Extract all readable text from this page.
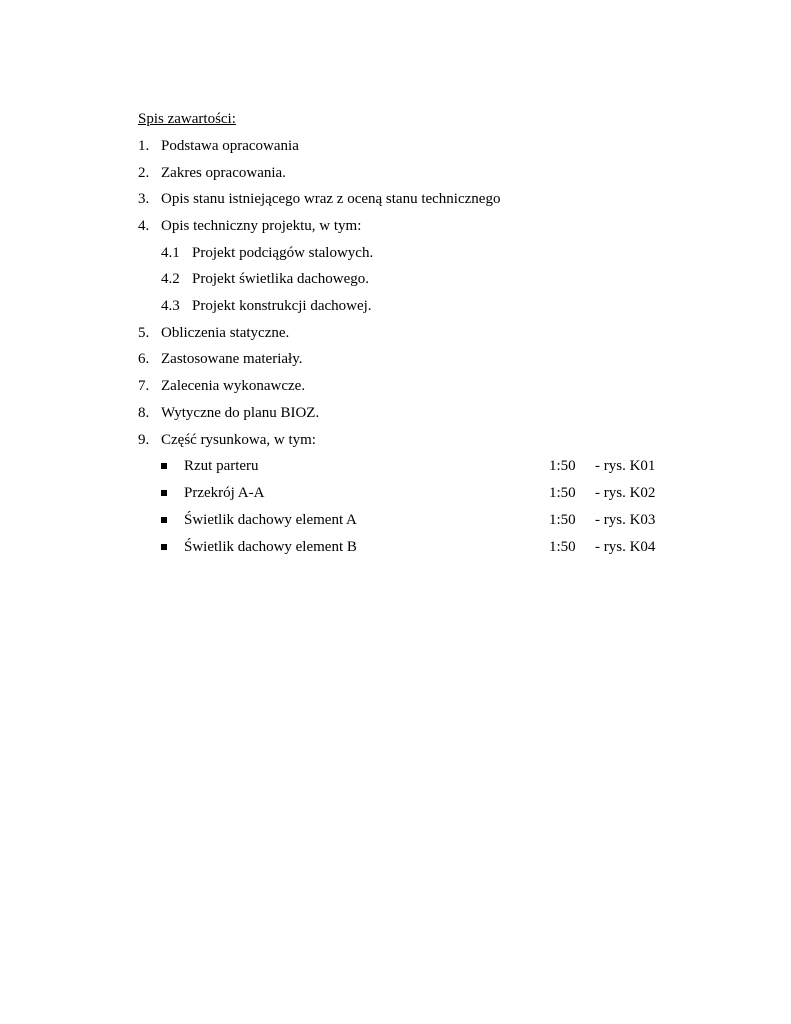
Spis zawartości:
1. Podstawa opracowania
2. Zakres opracowania.
3. Opis stanu istniejącego wraz z oceną stanu technicznego
4. Opis techniczny projektu, w tym:
4.1 Projekt podciągów stalowych.
4.2 Projekt świetlika dachowego.
4.3 Projekt konstrukcji dachowej.
5. Obliczenia statyczne.
6. Zastosowane materiały.
7. Zalecenia wykonawcze.
8. Wytyczne do planu BIOZ.
9. Część rysunkowa, w tym:
Rzut parteru	1:50 - rys. K01
Przekrój A-A	1:50 - rys. K02
Świetlik dachowy element A	1:50 - rys. K03
Świetlik dachowy element B	1:50 - rys. K04
